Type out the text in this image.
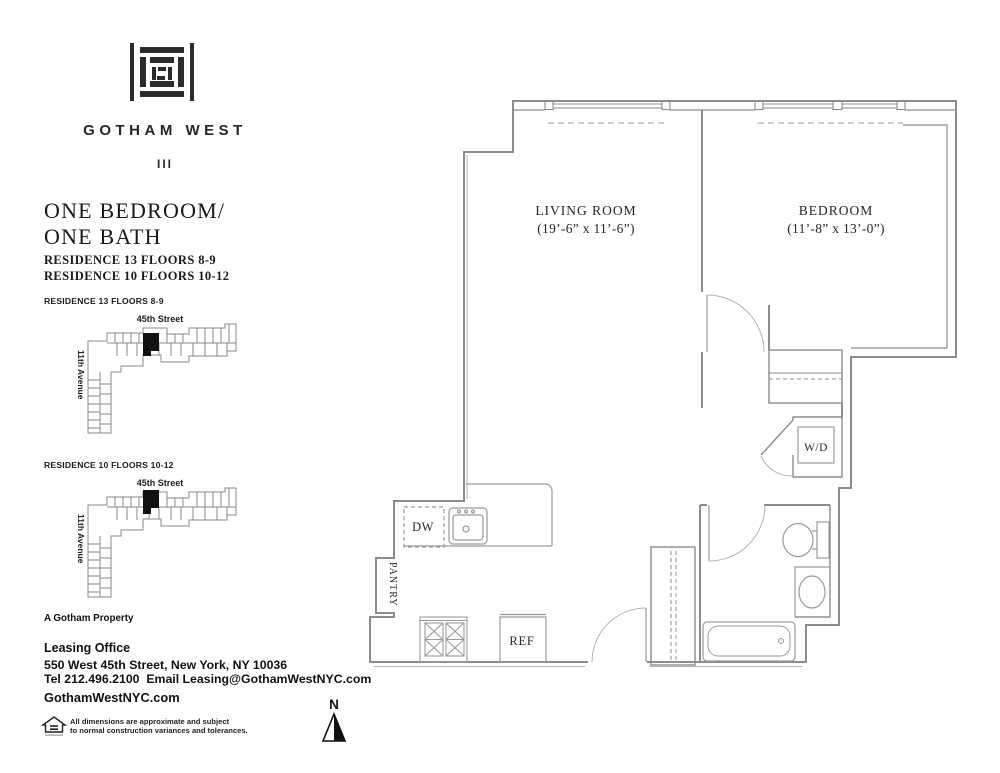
GOTHAM WEST
III
ONE BEDROOM/
ONE BATH
RESIDENCE 13 FLOORS 8-9
RESIDENCE 10 FLOORS 10-12
RESIDENCE 13 FLOORS 8-9
RESIDENCE 10 FLOORS 10-12
A Gotham Property
Leasing Office
550 West 45th Street, New York, NY 10036
Tel 212.496.2100  Email Leasing@GothamWestNYC.com
GothamWestNYC.com
All dimensions are approximate and subject
to normal construction variances and tolerances.
45th Street
11th Avenue
45th Street
11th Avenue
W/D
DW
PANTRY
REF
LIVING ROOM
(19’-6” x 11’-6”)
BEDROOM
(11’-8” x 13’-0”)
N
